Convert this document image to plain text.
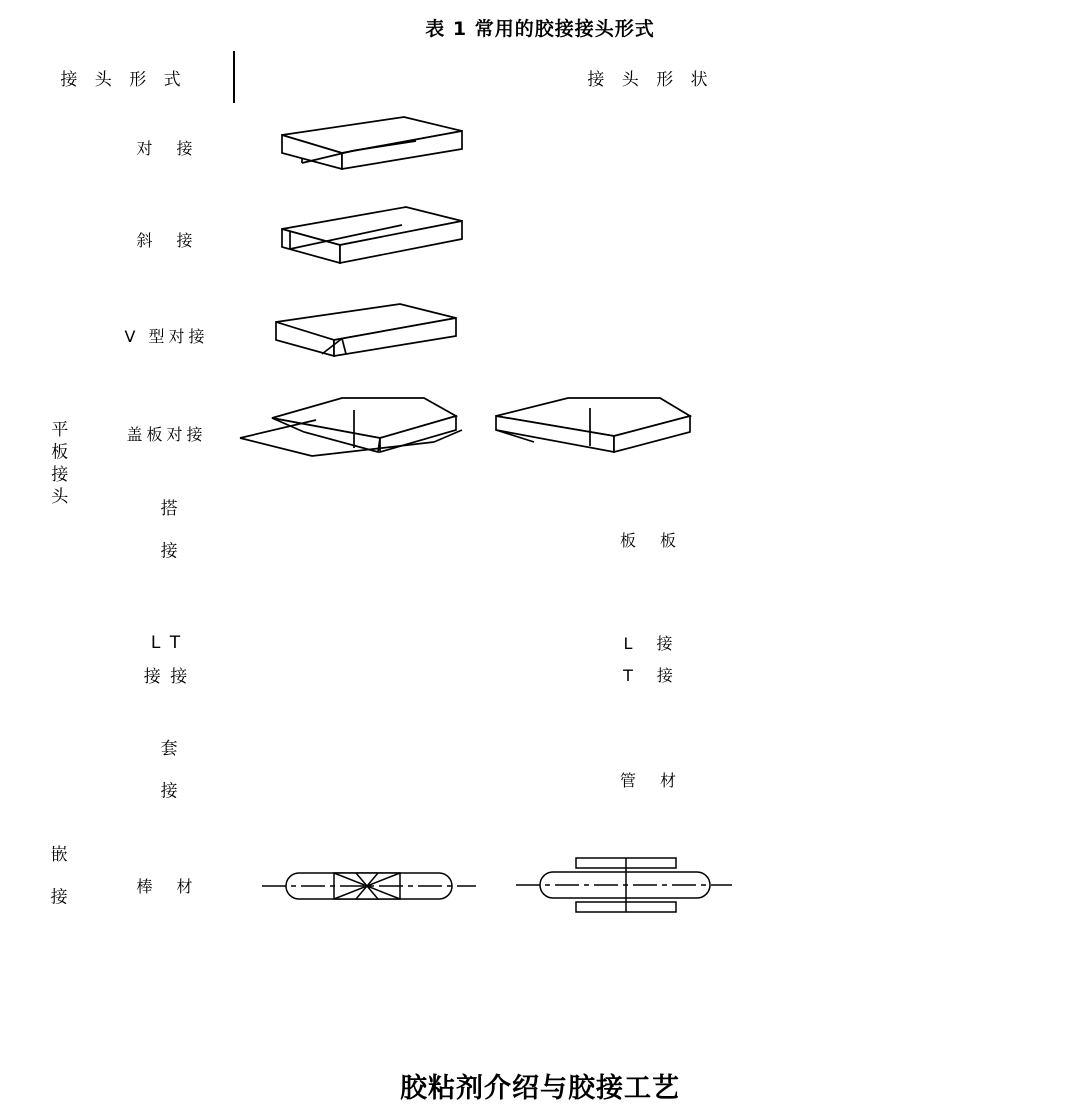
表 1 常用的胶接接头形式
接 头 形 式		接 头 形 状	

平 板 接 头	对　接	

	斜　接	

	V 型对接	

	盖板对接	

	搭 接	板　板	

L T
接 接

L　接
T　接

	套 接	管　材	

嵌 接	棒　材	
胶粘剂介绍与胶接工艺
